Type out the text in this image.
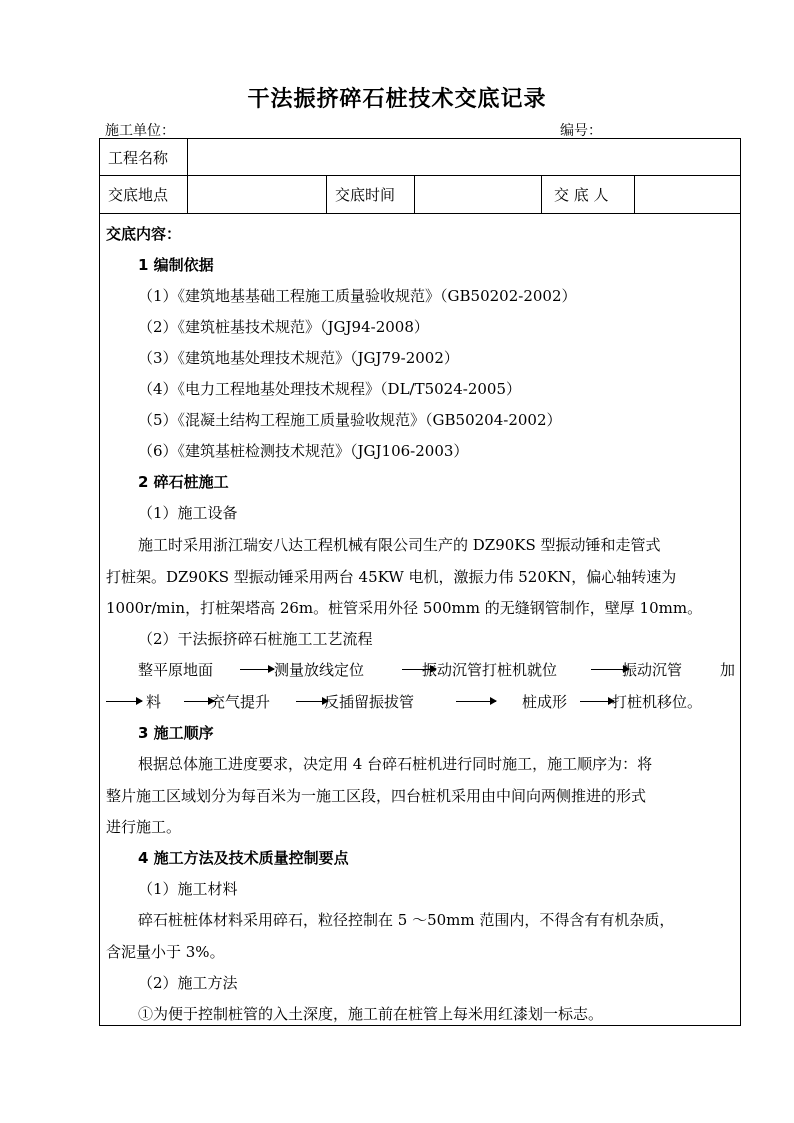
干法振挤碎石桩技术交底记录
施工单位：	编号：
工程名称					
交底地点		交底时间		交 底 人	
交底内容：
1 编制依据
（1）《建筑地基基础工程施工质量验收规范》（GB50202-2002）
（2）《建筑桩基技术规范》（JGJ94-2008）
（3）《建筑地基处理技术规范》（JGJ79-2002）
（4）《电力工程地基处理技术规程》（DL/T5024-2005）
（5）《混凝土结构工程施工质量验收规范》（GB50204-2002）
（6）《建筑基桩检测技术规范》（JGJ106-2003）
2 碎石桩施工
（1）施工设备
施工时采用浙江瑞安八达工程机械有限公司生产的 DZ90KS 型振动锤和走管式
打桩架。DZ90KS 型振动锤采用两台 45KW 电机，激振力伟 520KN，偏心轴转速为
1000r/min，打桩架塔高 26m。桩管采用外径 500mm 的无缝钢管制作，壁厚 10mm。
（2）干法振挤碎石桩施工工艺流程
整平原地面	测量放线定位	振动沉管打桩机就位	振动沉管	加
料	充气提升	反插留振拔管	桩成形	打桩机移位。
3 施工顺序
根据总体施工进度要求，决定用 4 台碎石桩机进行同时施工，施工顺序为：将
整片施工区域划分为每百米为一施工区段，四台桩机采用由中间向两侧推进的形式
进行施工。
4 施工方法及技术质量控制要点
（1）施工材料
碎石桩桩体材料采用碎石，粒径控制在 5 ～50mm 范围内，不得含有有机杂质，
含泥量小于 3%。
（2）施工方法
①为便于控制桩管的入土深度，施工前在桩管上每米用红漆划一标志。
